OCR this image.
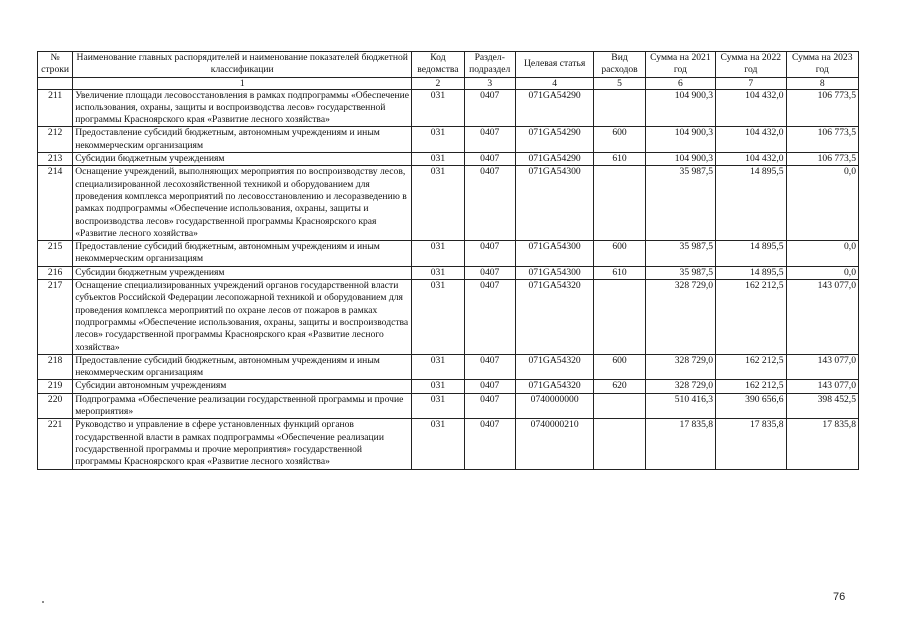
№ строки	Наименование главных распорядителей и наименование показателей бюджетной классификации	Код ведомства	Раздел-подраздел	Целевая статья	Вид расходов	Сумма на 2021 год	Сумма на 2022 год	Сумма на 2023 год
	1	2	3	4	5	6	7	8
211	Увеличение площади лесовосстановления в рамках подпрограммы «Обеспечение использования, охраны, защиты и воспроизводства лесов» государственной программы Красноярского края «Развитие лесного хозяйства»	031	0407	071GA54290		104 900,3	104 432,0	106 773,5
212	Предоставление субсидий бюджетным, автономным учреждениям и иным некоммерческим организациям	031	0407	071GA54290	600	104 900,3	104 432,0	106 773,5
213	Субсидии бюджетным учреждениям	031	0407	071GA54290	610	104 900,3	104 432,0	106 773,5
214	Оснащение учреждений, выполняющих мероприятия по воспроизводству лесов, специализированной лесохозяйственной техникой и оборудованием для проведения комплекса мероприятий по лесовосстановлению и лесоразведению в рамках подпрограммы «Обеспечение использования, охраны, защиты и воспроизводства лесов» государственной программы Красноярского края «Развитие лесного хозяйства»	031	0407	071GA54300		35 987,5	14 895,5	0,0
215	Предоставление субсидий бюджетным, автономным учреждениям и иным некоммерческим организациям	031	0407	071GA54300	600	35 987,5	14 895,5	0,0
216	Субсидии бюджетным учреждениям	031	0407	071GA54300	610	35 987,5	14 895,5	0,0
217	Оснащение специализированных учреждений органов государственной власти субъектов Российской Федерации лесопожарной техникой и оборудованием для проведения комплекса мероприятий по охране лесов от пожаров в рамках подпрограммы «Обеспечение использования, охраны, защиты и воспроизводства лесов» государственной программы Красноярского края «Развитие лесного хозяйства»	031	0407	071GA54320		328 729,0	162 212,5	143 077,0
218	Предоставление субсидий бюджетным, автономным учреждениям и иным некоммерческим организациям	031	0407	071GA54320	600	328 729,0	162 212,5	143 077,0
219	Субсидии автономным учреждениям	031	0407	071GA54320	620	328 729,0	162 212,5	143 077,0
220	Подпрограмма «Обеспечение реализации государственной программы и прочие мероприятия»	031	0407	0740000000		510 416,3	390 656,6	398 452,5
221	Руководство и управление в сфере установленных функций органов государственной власти в рамках подпрограммы «Обеспечение реализации государственной программы и прочие мероприятия» государственной программы Красноярского края «Развитие лесного хозяйства»	031	0407	0740000210		17 835,8	17 835,8	17 835,8
76
